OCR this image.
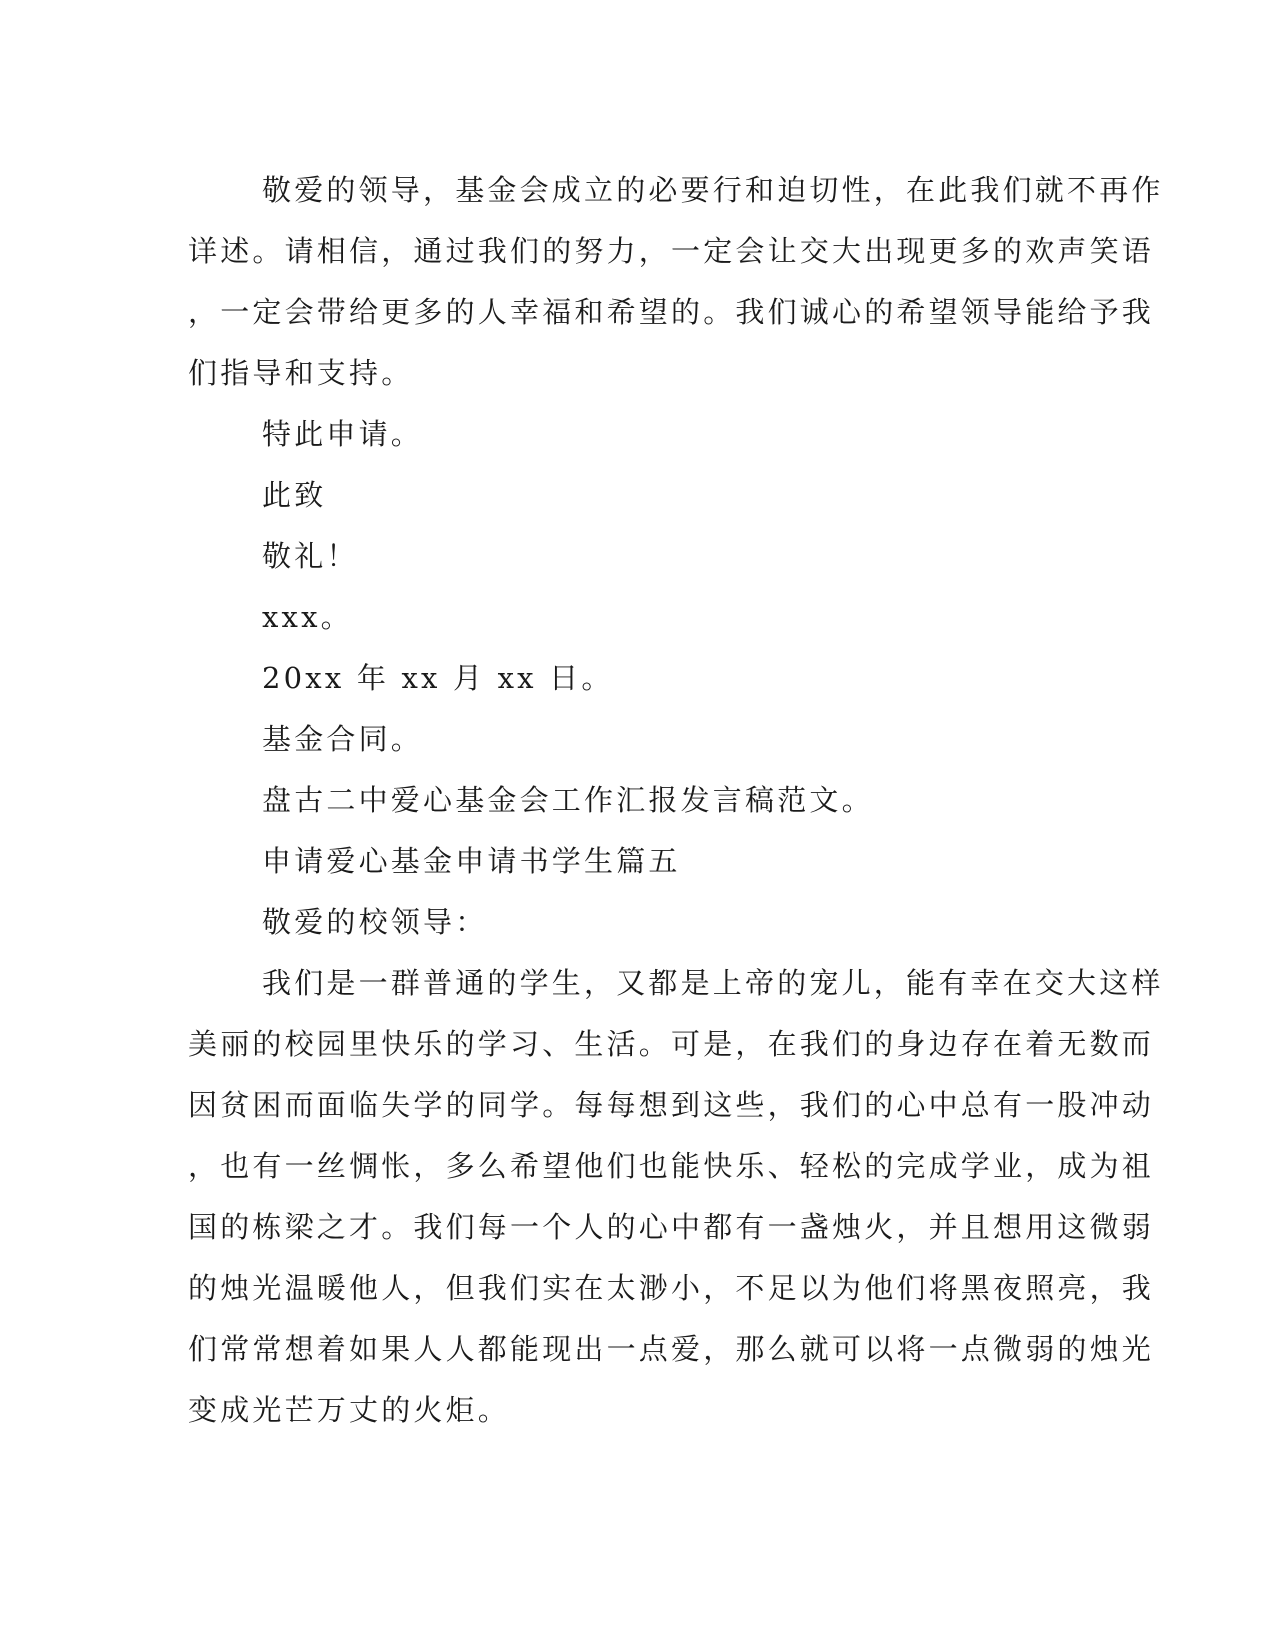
敬爱的领导，基金会成立的必要行和迫切性，在此我们就不再作
详述。请相信，通过我们的努力，一定会让交大出现更多的欢声笑语
，一定会带给更多的人幸福和希望的。我们诚心的希望领导能给予我
们指导和支持。
特此申请。
此致
敬礼！
xxx。
20xx 年 xx 月 xx 日。
基金合同。
盘古二中爱心基金会工作汇报发言稿范文。
申请爱心基金申请书学生篇五
敬爱的校领导：
我们是一群普通的学生，又都是上帝的宠儿，能有幸在交大这样
美丽的校园里快乐的学习、生活。可是，在我们的身边存在着无数而
因贫困而面临失学的同学。每每想到这些，我们的心中总有一股冲动
，也有一丝惆怅，多么希望他们也能快乐、轻松的完成学业，成为祖
国的栋梁之才。我们每一个人的心中都有一盏烛火，并且想用这微弱
的烛光温暖他人，但我们实在太渺小，不足以为他们将黑夜照亮，我
们常常想着如果人人都能现出一点爱，那么就可以将一点微弱的烛光
变成光芒万丈的火炬。
